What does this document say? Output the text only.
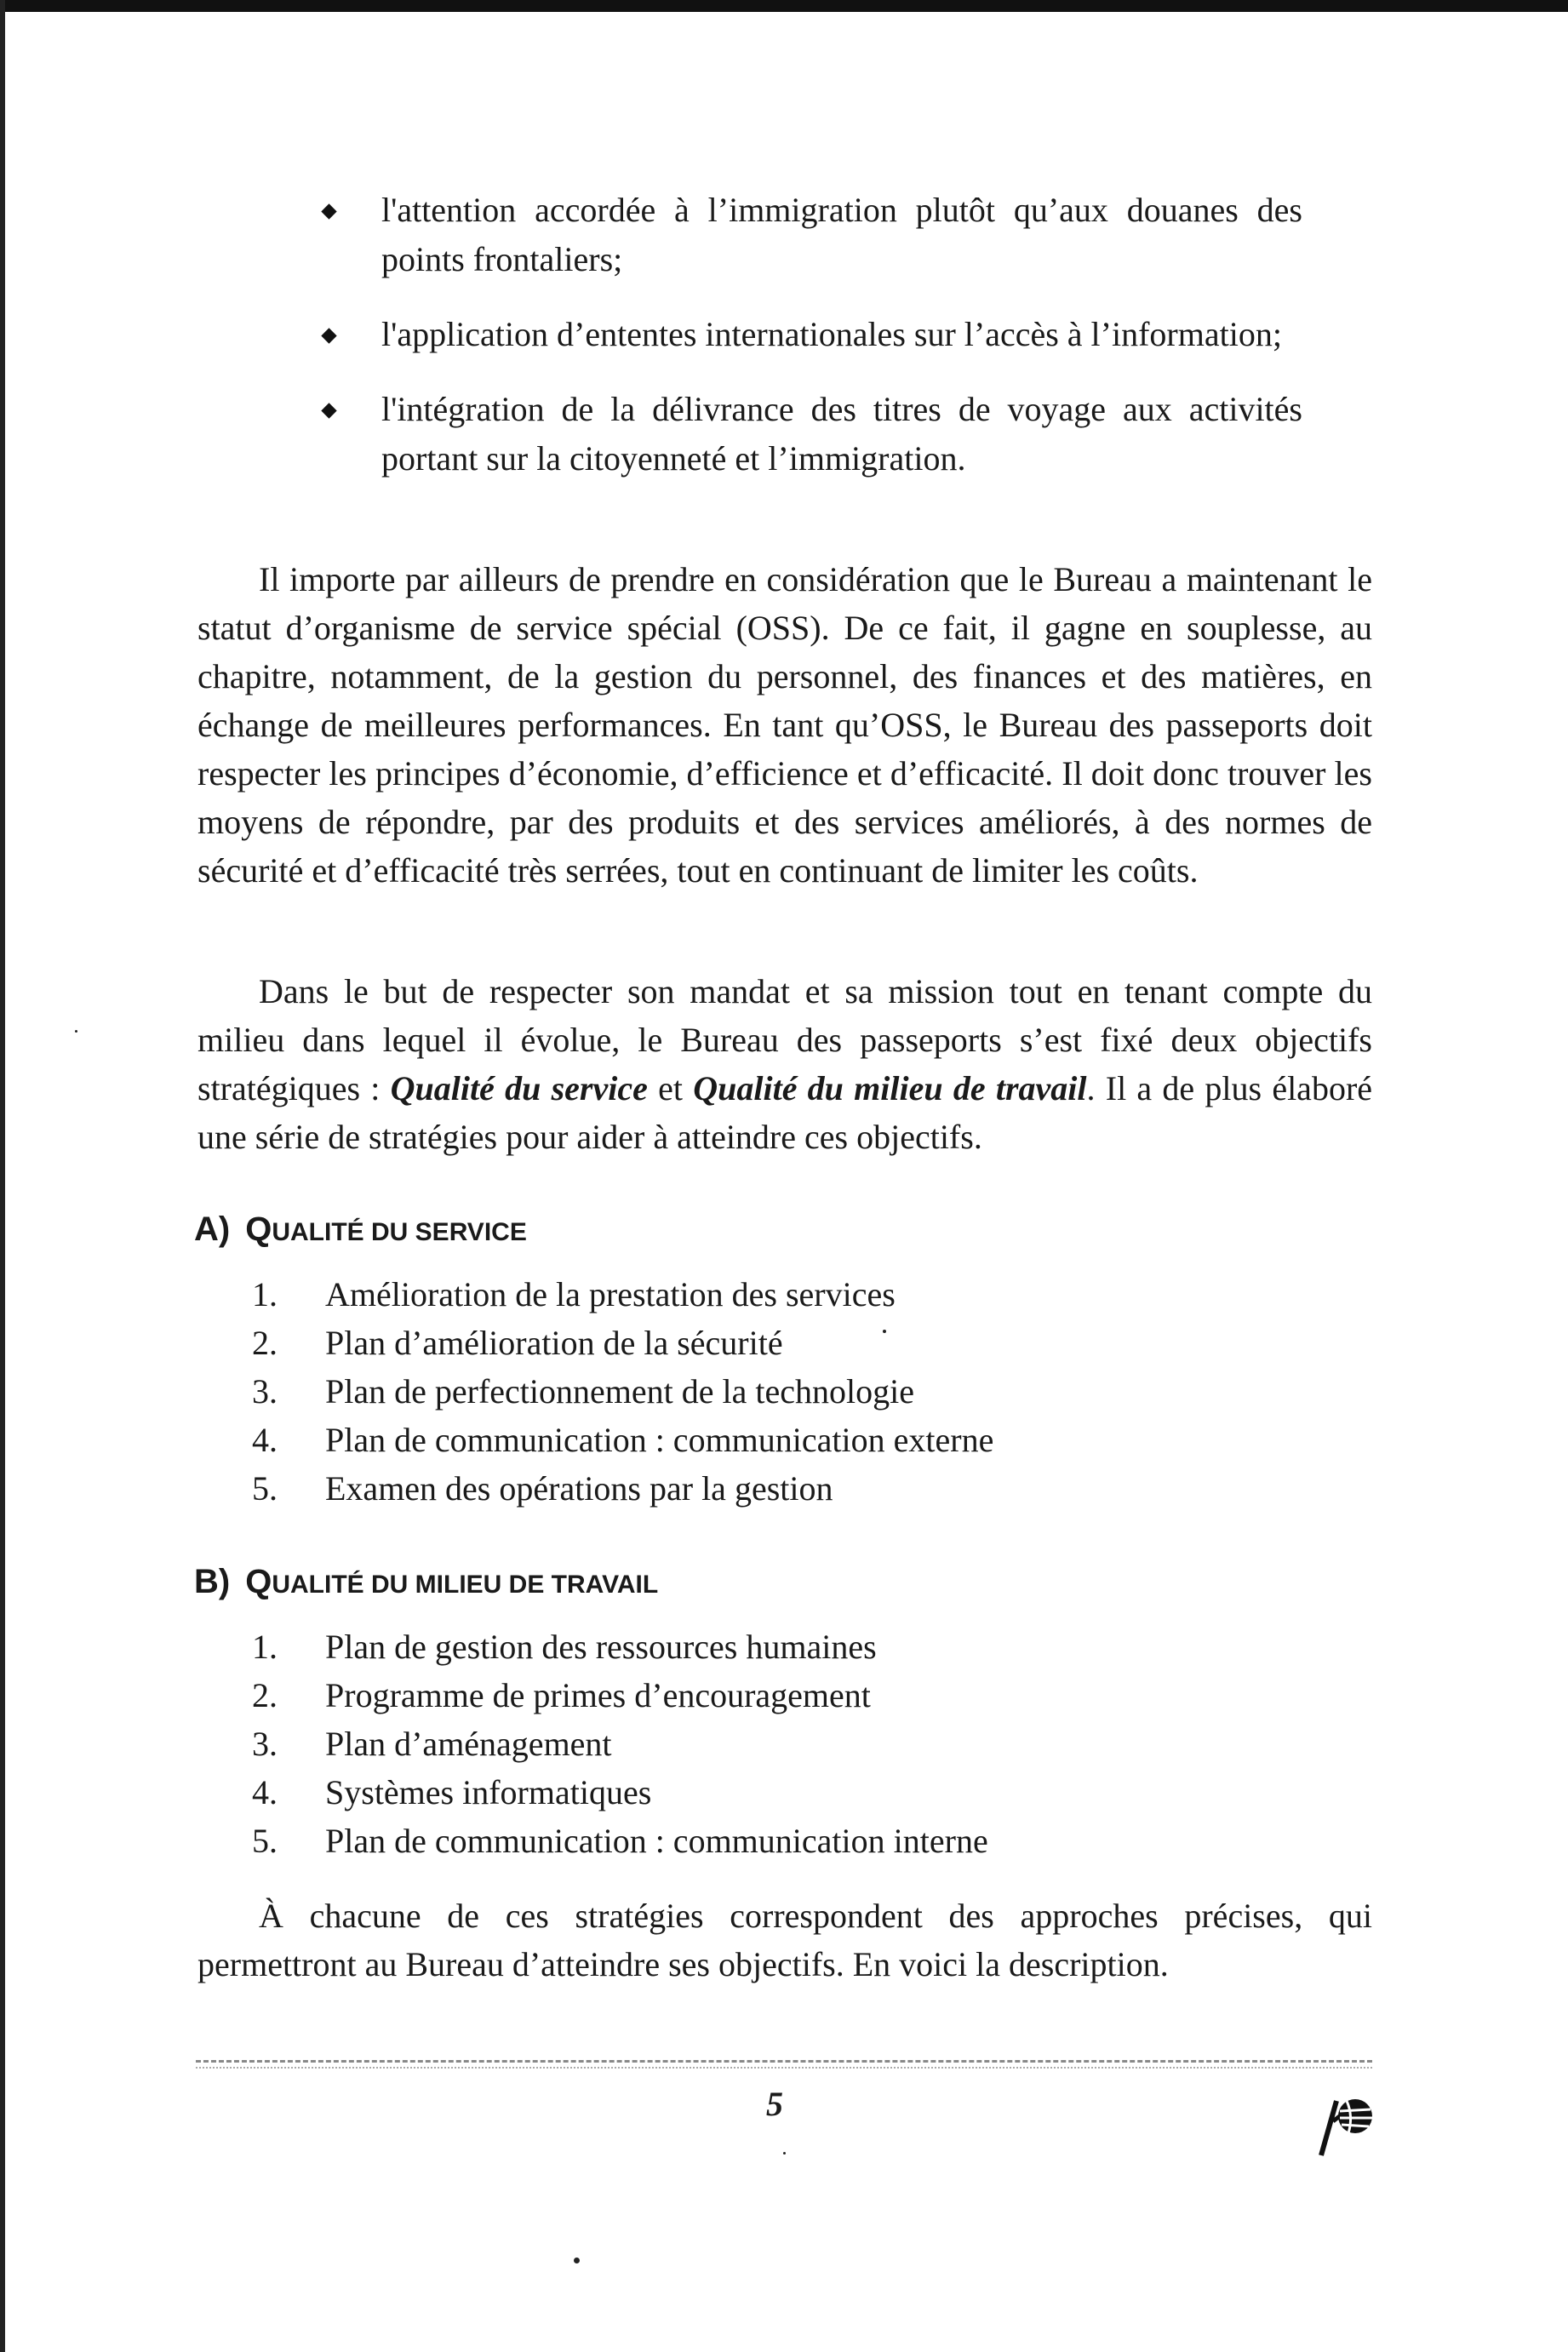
l'attention accordée à l’immigration plutôt qu’aux douanes des points frontaliers;
l'application d’ententes internationales sur l’accès à l’information;
l'intégration de la délivrance des titres de voyage aux activités portant sur la citoyenneté et l’immigration.

Il importe par ailleurs de prendre en considération que le Bureau a maintenant le statut d’organisme de service spécial (OSS). De ce fait, il gagne en souplesse, au chapitre, notamment, de la gestion du personnel, des finances et des matières, en échange de meilleures performances. En tant qu’OSS, le Bureau des passeports doit respecter les principes d’économie, d’efficience et d’efficacité. Il doit donc trouver les moyens de répondre, par des produits et des services améliorés, à des normes de sécurité et d’efficacité très serrées, tout en continuant de limiter les coûts.

Dans le but de respecter son mandat et sa mission tout en tenant compte du milieu dans lequel il évolue, le Bureau des passeports s’est fixé deux objectifs stratégiques : Qualité du service et Qualité du milieu de travail. Il a de plus élaboré une série de stratégies pour aider à atteindre ces objectifs.

A) QUALITÉ DU SERVICE
1.	Amélioration de la prestation des services
2.	Plan d’amélioration de la sécurité
3.	Plan de perfectionnement de la technologie
4.	Plan de communication : communication externe
5.	Examen des opérations par la gestion
B) QUALITÉ DU MILIEU DE TRAVAIL
1.	Plan de gestion des ressources humaines
2.	Programme de primes d’encouragement
3.	Plan d’aménagement
4.	Systèmes informatiques
5.	Plan de communication : communication interne

À chacune de ces stratégies correspondent des approches précises, qui permettront au Bureau d’atteindre ses objectifs. En voici la description.

5
